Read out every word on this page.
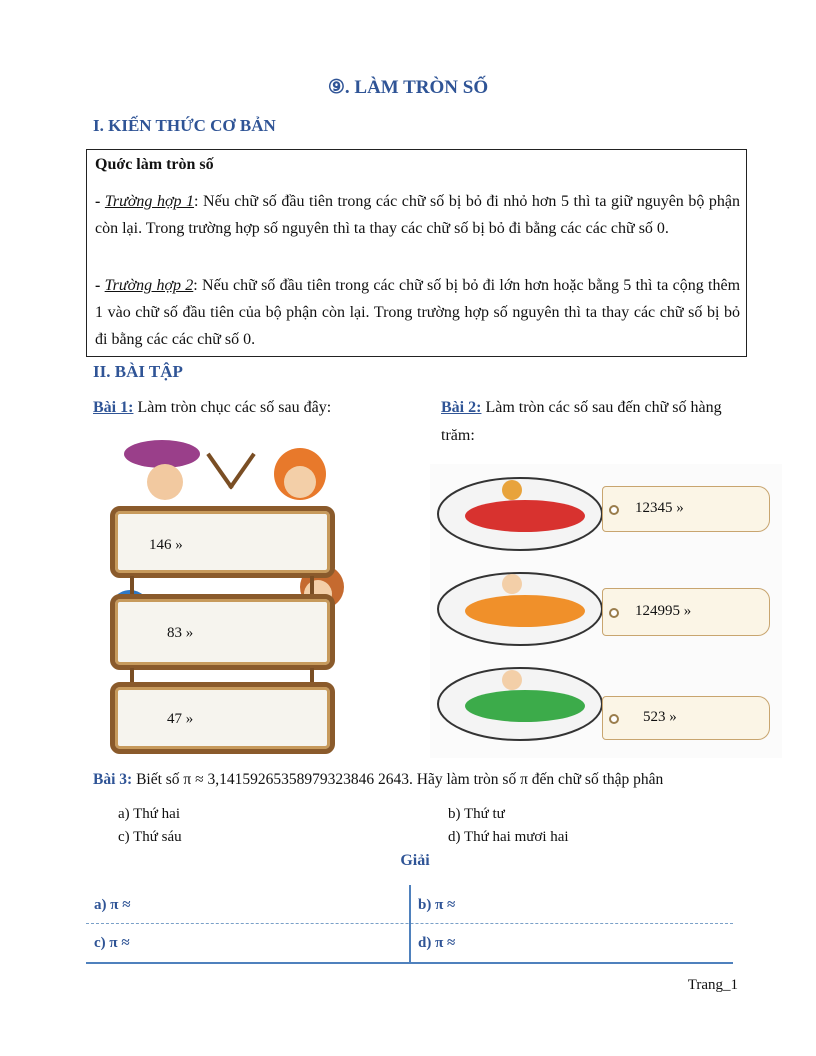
⑨. LÀM TRÒN SỐ
I. KIẾN THỨC CƠ BẢN
Quớc làm tròn số
- Trường hợp 1: Nếu chữ số đầu tiên trong các chữ số bị bỏ đi nhỏ hơn 5 thì ta giữ nguyên bộ phận còn lại. Trong trường hợp số nguyên thì ta thay các chữ số bị bỏ đi bằng các các chữ số 0.
- Trường hợp 2: Nếu chữ số đầu tiên trong các chữ số bị bỏ đi lớn hơn hoặc bằng 5 thì ta cộng thêm 1 vào chữ số đầu tiên của bộ phận còn lại. Trong trường hợp số nguyên thì ta thay các chữ số bị bỏ đi bằng các các chữ số 0.
II. BÀI TẬP
Bài 1: Làm tròn chục các số sau đây:
146 »
83 »
47 »
Bài 2: Làm tròn các số sau đến chữ số hàng trăm:
12345 »
124995 »
523 »
Bài 3: Biết số π ≈ 3,14159265358979323846 2643. Hãy làm tròn số π đến chữ số thập phân
a) Thứ hai	b) Thứ tư
c) Thứ sáu	d) Thứ hai mươi hai
Giải
a) π ≈	b) π ≈
c) π ≈	d) π ≈
Trang_1
